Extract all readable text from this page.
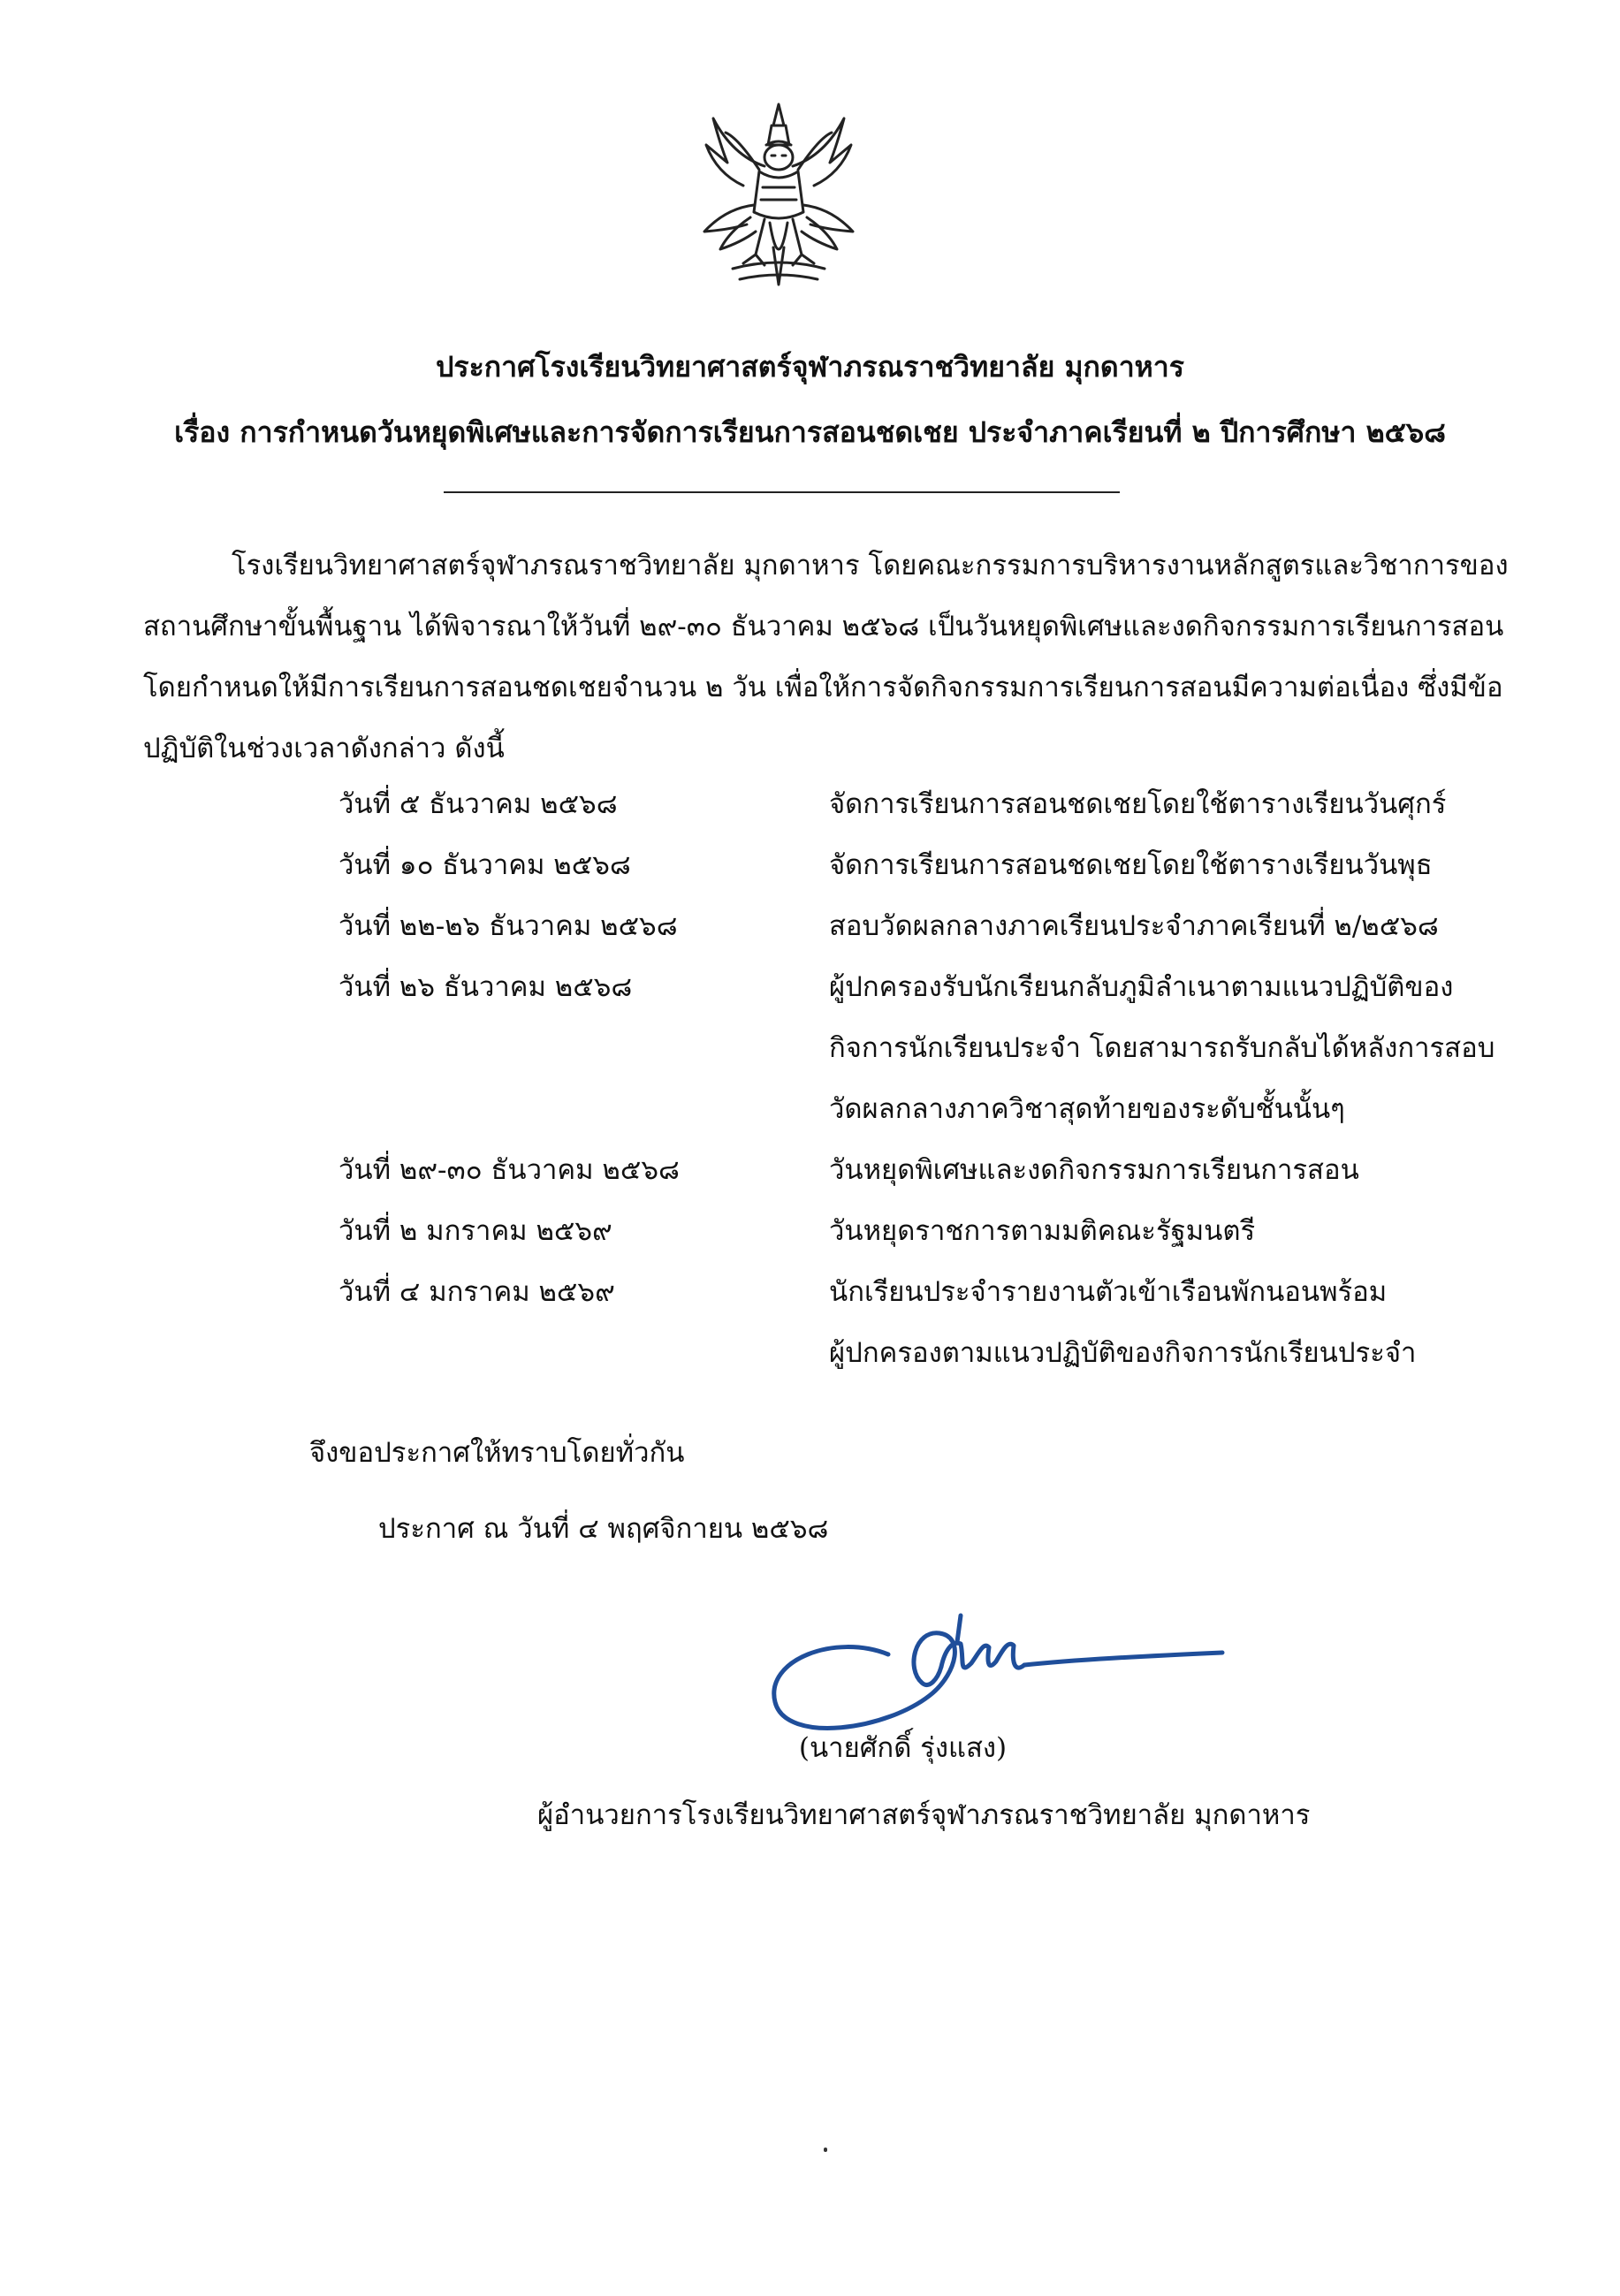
ประกาศโรงเรียนวิทยาศาสตร์จุฬาภรณราชวิทยาลัย มุกดาหาร
เรื่อง การกำหนดวันหยุดพิเศษและการจัดการเรียนการสอนชดเชย ประจำภาคเรียนที่ ๒ ปีการศึกษา ๒๕๖๘

โรงเรียนวิทยาศาสตร์จุฬาภรณราชวิทยาลัย มุกดาหาร โดยคณะกรรมการบริหารงานหลักสูตรและวิชาการของ
สถานศึกษาขั้นพื้นฐาน ได้พิจารณาให้วันที่ ๒๙-๓๐ ธันวาคม ๒๕๖๘ เป็นวันหยุดพิเศษและงดกิจกรรมการเรียนการสอน
โดยกำหนดให้มีการเรียนการสอนชดเชยจำนวน ๒ วัน เพื่อให้การจัดกิจกรรมการเรียนการสอนมีความต่อเนื่อง ซึ่งมีข้อ
ปฏิบัติในช่วงเวลาดังกล่าว ดังนี้

วันที่ ๕ ธันวาคม ๒๕๖๘	จัดการเรียนการสอนชดเชยโดยใช้ตารางเรียนวันศุกร์
วันที่ ๑๐ ธันวาคม ๒๕๖๘	จัดการเรียนการสอนชดเชยโดยใช้ตารางเรียนวันพุธ
วันที่ ๒๒-๒๖ ธันวาคม ๒๕๖๘	สอบวัดผลกลางภาคเรียนประจำภาคเรียนที่ ๒/๒๕๖๘
วันที่ ๒๖ ธันวาคม ๒๕๖๘	ผู้ปกครองรับนักเรียนกลับภูมิลำเนาตามแนวปฏิบัติของ
กิจการนักเรียนประจำ โดยสามารถรับกลับได้หลังการสอบ
วัดผลกลางภาควิชาสุดท้ายของระดับชั้นนั้นๆ
วันที่ ๒๙-๓๐ ธันวาคม ๒๕๖๘	วันหยุดพิเศษและงดกิจกรรมการเรียนการสอน
วันที่ ๒ มกราคม ๒๕๖๙	วันหยุดราชการตามมติคณะรัฐมนตรี
วันที่ ๔ มกราคม ๒๕๖๙	นักเรียนประจำรายงานตัวเข้าเรือนพักนอนพร้อม
ผู้ปกครองตามแนวปฏิบัติของกิจการนักเรียนประจำ
จึงขอประกาศให้ทราบโดยทั่วกัน
ประกาศ ณ วันที่ ๔ พฤศจิกายน ๒๕๖๘
(นายศักดิ์ รุ่งแสง)
ผู้อำนวยการโรงเรียนวิทยาศาสตร์จุฬาภรณราชวิทยาลัย มุกดาหาร
